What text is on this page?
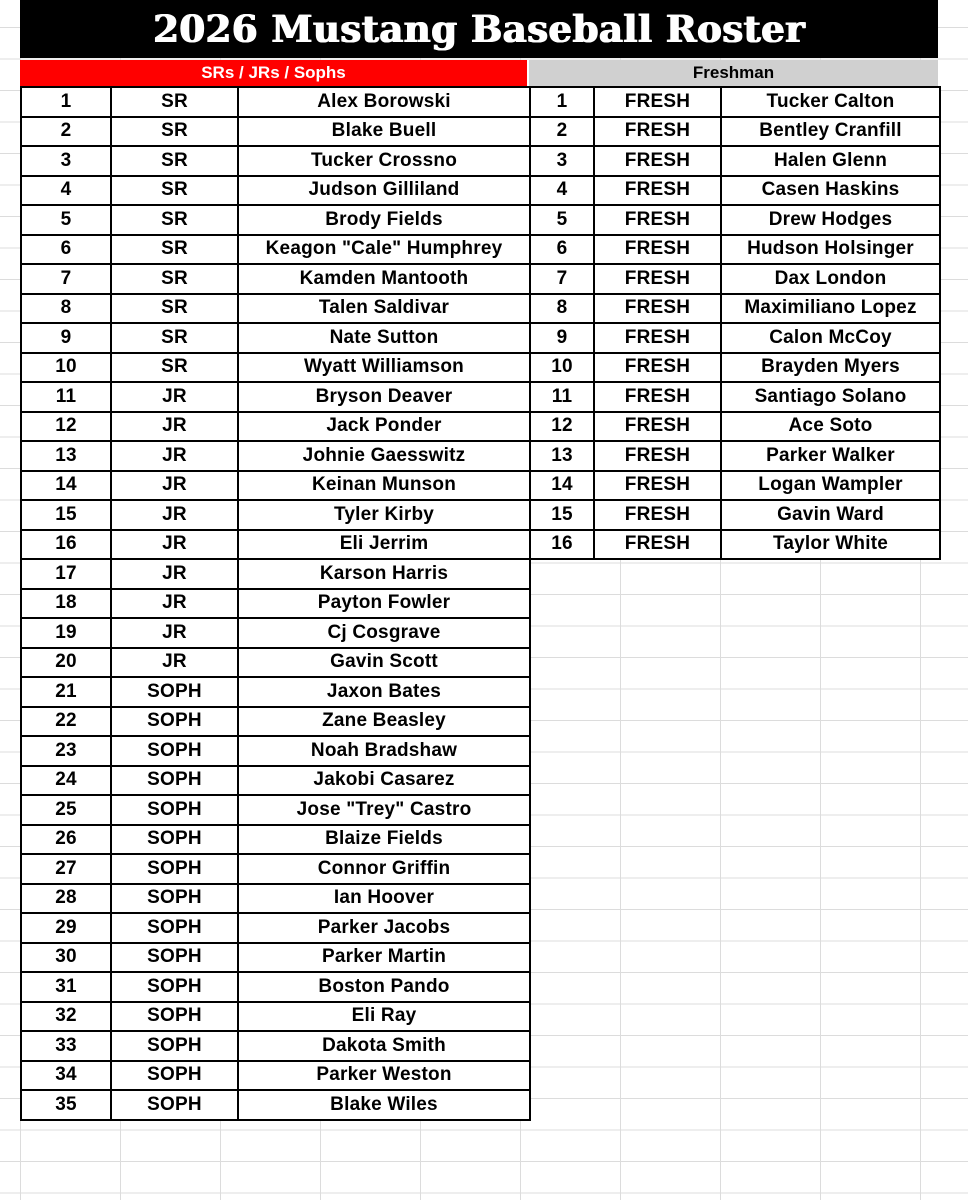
2026 Mustang Baseball Roster
SRs / JRs / Sophs	Freshman
1	SR	Alex Borowski
2	SR	Blake Buell
3	SR	Tucker Crossno
4	SR	Judson Gilliland
5	SR	Brody Fields
6	SR	Keagon "Cale" Humphrey
7	SR	Kamden Mantooth
8	SR	Talen Saldivar
9	SR	Nate Sutton
10	SR	Wyatt Williamson
11	JR	Bryson Deaver
12	JR	Jack Ponder
13	JR	Johnie Gaesswitz
14	JR	Keinan Munson
15	JR	Tyler Kirby
16	JR	Eli Jerrim
17	JR	Karson Harris
18	JR	Payton Fowler
19	JR	Cj Cosgrave
20	JR	Gavin Scott
21	SOPH	Jaxon Bates
22	SOPH	Zane Beasley
23	SOPH	Noah Bradshaw
24	SOPH	Jakobi Casarez
25	SOPH	Jose "Trey" Castro
26	SOPH	Blaize Fields
27	SOPH	Connor Griffin
28	SOPH	Ian Hoover
29	SOPH	Parker Jacobs
30	SOPH	Parker Martin
31	SOPH	Boston Pando
32	SOPH	Eli Ray
33	SOPH	Dakota Smith
34	SOPH	Parker Weston
35	SOPH	Blake Wiles
1	FRESH	Tucker Calton
2	FRESH	Bentley Cranfill
3	FRESH	Halen Glenn
4	FRESH	Casen Haskins
5	FRESH	Drew Hodges
6	FRESH	Hudson Holsinger
7	FRESH	Dax London
8	FRESH	Maximiliano Lopez
9	FRESH	Calon McCoy
10	FRESH	Brayden Myers
11	FRESH	Santiago Solano
12	FRESH	Ace Soto
13	FRESH	Parker Walker
14	FRESH	Logan Wampler
15	FRESH	Gavin Ward
16	FRESH	Taylor White
